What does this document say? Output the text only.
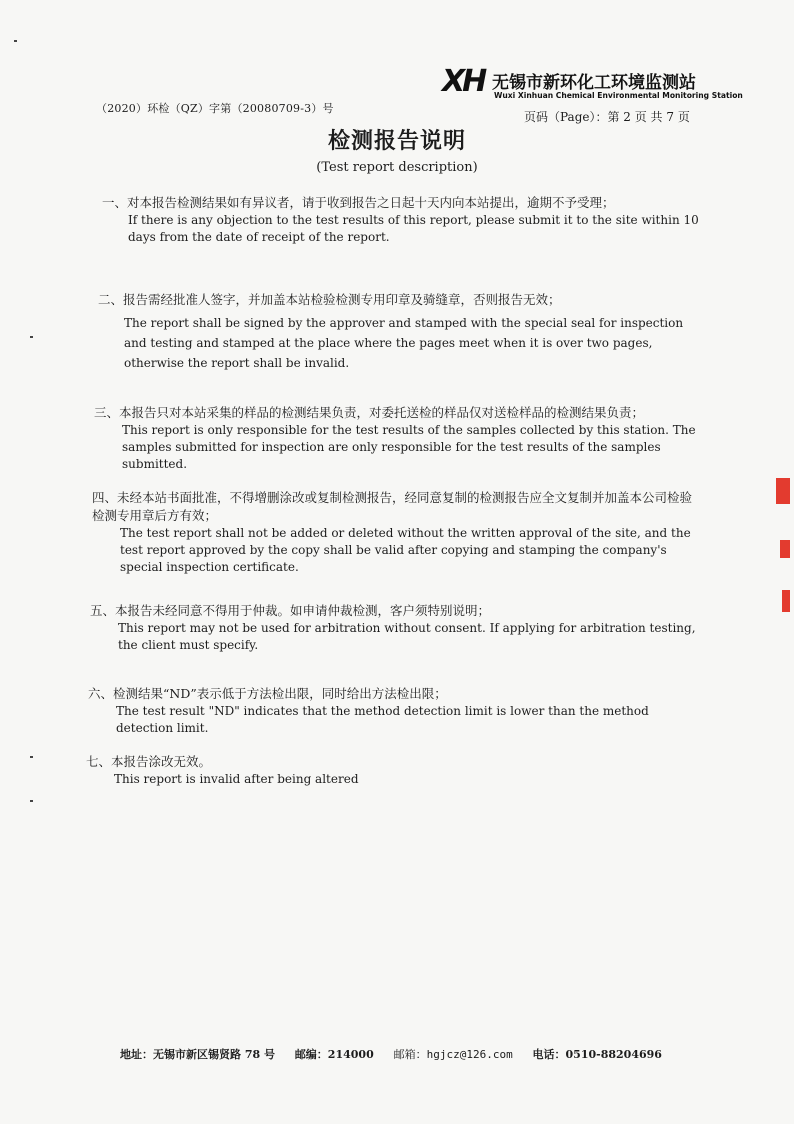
（2020）环检（QZ）字第（20080709-3）号
XH 无锡市新环化工环境监测站
Wuxi Xinhuan Chemical Environmental Monitoring Station
页码（Page）：第 2 页 共 7 页
检测报告说明
(Test report description)
一、对本报告检测结果如有异议者，请于收到报告之日起十天内向本站提出，逾期不予受理；
If there is any objection to the test results of this report, please submit it to the site within 10 days from the date of receipt of the report.
二、报告需经批准人签字，并加盖本站检验检测专用印章及骑缝章，否则报告无效；
The report shall be signed by the approver and stamped with the special seal for inspection and testing and stamped at the place where the pages meet when it is over two pages, otherwise the report shall be invalid.
三、本报告只对本站采集的样品的检测结果负责，对委托送检的样品仅对送检样品的检测结果负责；
This report is only responsible for the test results of the samples collected by this station. The samples submitted for inspection are only responsible for the test results of the samples submitted.
四、未经本站书面批准，不得增删涂改或复制检测报告，经同意复制的检测报告应全文复制并加盖本公司检验检测专用章后方有效；
The test report shall not be added or deleted without the written approval of the site, and the test report approved by the copy shall be valid after copying and stamping the company's special inspection certificate.
五、本报告未经同意不得用于仲裁。如申请仲裁检测，客户须特别说明；
This report may not be used for arbitration without consent. If applying for arbitration testing, the client must specify.
六、检测结果“ND”表示低于方法检出限，同时给出方法检出限；
The test result "ND" indicates that the method detection limit is lower than the method detection limit.
七、本报告涂改无效。
This report is invalid after being altered
地址：无锡市新区锡贤路 78 号 邮编：214000 邮箱：hgjcz@126.com 电话：0510-88204696
